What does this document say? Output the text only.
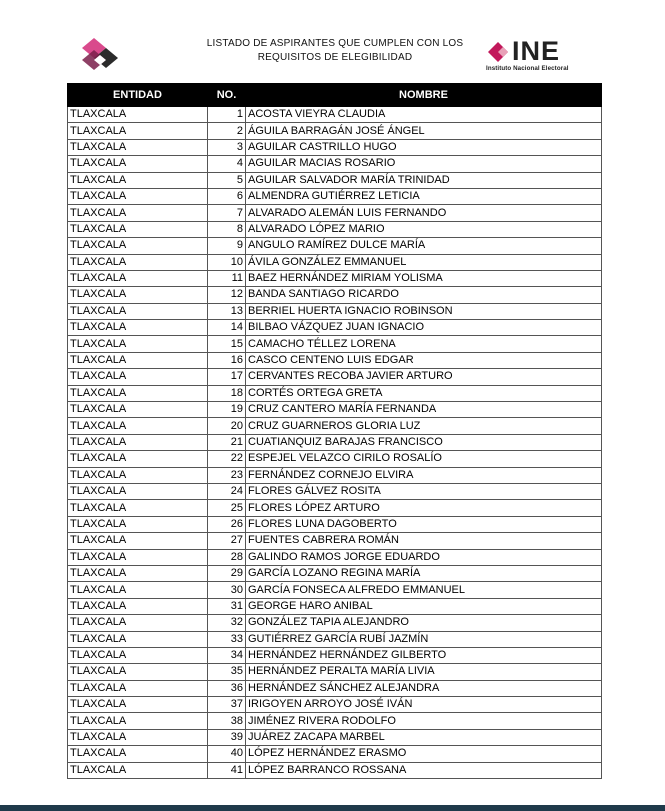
LISTADO DE ASPIRANTES QUE CUMPLEN CON LOS
REQUISITOS DE ELEGIBILIDAD	INE
Instituto Nacional Electoral
ENTIDAD	NO.	NOMBRE
TLAXCALA	1	ACOSTA VIEYRA CLAUDIA
TLAXCALA	2	ÁGUILA BARRAGÁN JOSÉ ÁNGEL
TLAXCALA	3	AGUILAR CASTRILLO HUGO
TLAXCALA	4	AGUILAR MACIAS ROSARIO
TLAXCALA	5	AGUILAR SALVADOR MARÍA TRINIDAD
TLAXCALA	6	ALMENDRA GUTIÉRREZ LETICIA
TLAXCALA	7	ALVARADO ALEMÁN LUIS FERNANDO
TLAXCALA	8	ALVARADO LÓPEZ MARIO
TLAXCALA	9	ANGULO RAMÍREZ DULCE MARÍA
TLAXCALA	10	ÁVILA GONZÁLEZ EMMANUEL
TLAXCALA	11	BAEZ HERNÁNDEZ MIRIAM YOLISMA
TLAXCALA	12	BANDA SANTIAGO RICARDO
TLAXCALA	13	BERRIEL HUERTA IGNACIO ROBINSON
TLAXCALA	14	BILBAO VÁZQUEZ JUAN IGNACIO
TLAXCALA	15	CAMACHO TÉLLEZ LORENA
TLAXCALA	16	CASCO CENTENO LUIS EDGAR
TLAXCALA	17	CERVANTES RECOBA JAVIER ARTURO
TLAXCALA	18	CORTÉS ORTEGA GRETA
TLAXCALA	19	CRUZ CANTERO MARÍA FERNANDA
TLAXCALA	20	CRUZ GUARNEROS GLORIA LUZ
TLAXCALA	21	CUATIANQUIZ BARAJAS FRANCISCO
TLAXCALA	22	ESPEJEL VELAZCO CIRILO ROSALÍO
TLAXCALA	23	FERNÁNDEZ CORNEJO ELVIRA
TLAXCALA	24	FLORES GÁLVEZ ROSITA
TLAXCALA	25	FLORES LÓPEZ ARTURO
TLAXCALA	26	FLORES LUNA DAGOBERTO
TLAXCALA	27	FUENTES CABRERA ROMÁN
TLAXCALA	28	GALINDO RAMOS JORGE EDUARDO
TLAXCALA	29	GARCÍA LOZANO REGINA MARÍA
TLAXCALA	30	GARCÍA FONSECA ALFREDO EMMANUEL
TLAXCALA	31	GEORGE HARO ANIBAL
TLAXCALA	32	GONZÁLEZ TAPIA ALEJANDRO
TLAXCALA	33	GUTIÉRREZ GARCÍA RUBÍ JAZMÍN
TLAXCALA	34	HERNÁNDEZ HERNÁNDEZ GILBERTO
TLAXCALA	35	HERNÁNDEZ PERALTA MARÍA LIVIA
TLAXCALA	36	HERNÁNDEZ SÁNCHEZ ALEJANDRA
TLAXCALA	37	IRIGOYEN ARROYO JOSÉ IVÁN
TLAXCALA	38	JIMÉNEZ RIVERA RODOLFO
TLAXCALA	39	JUÁREZ ZACAPA MARBEL
TLAXCALA	40	LÓPEZ HERNÁNDEZ ERASMO
TLAXCALA	41	LÓPEZ BARRANCO ROSSANA
